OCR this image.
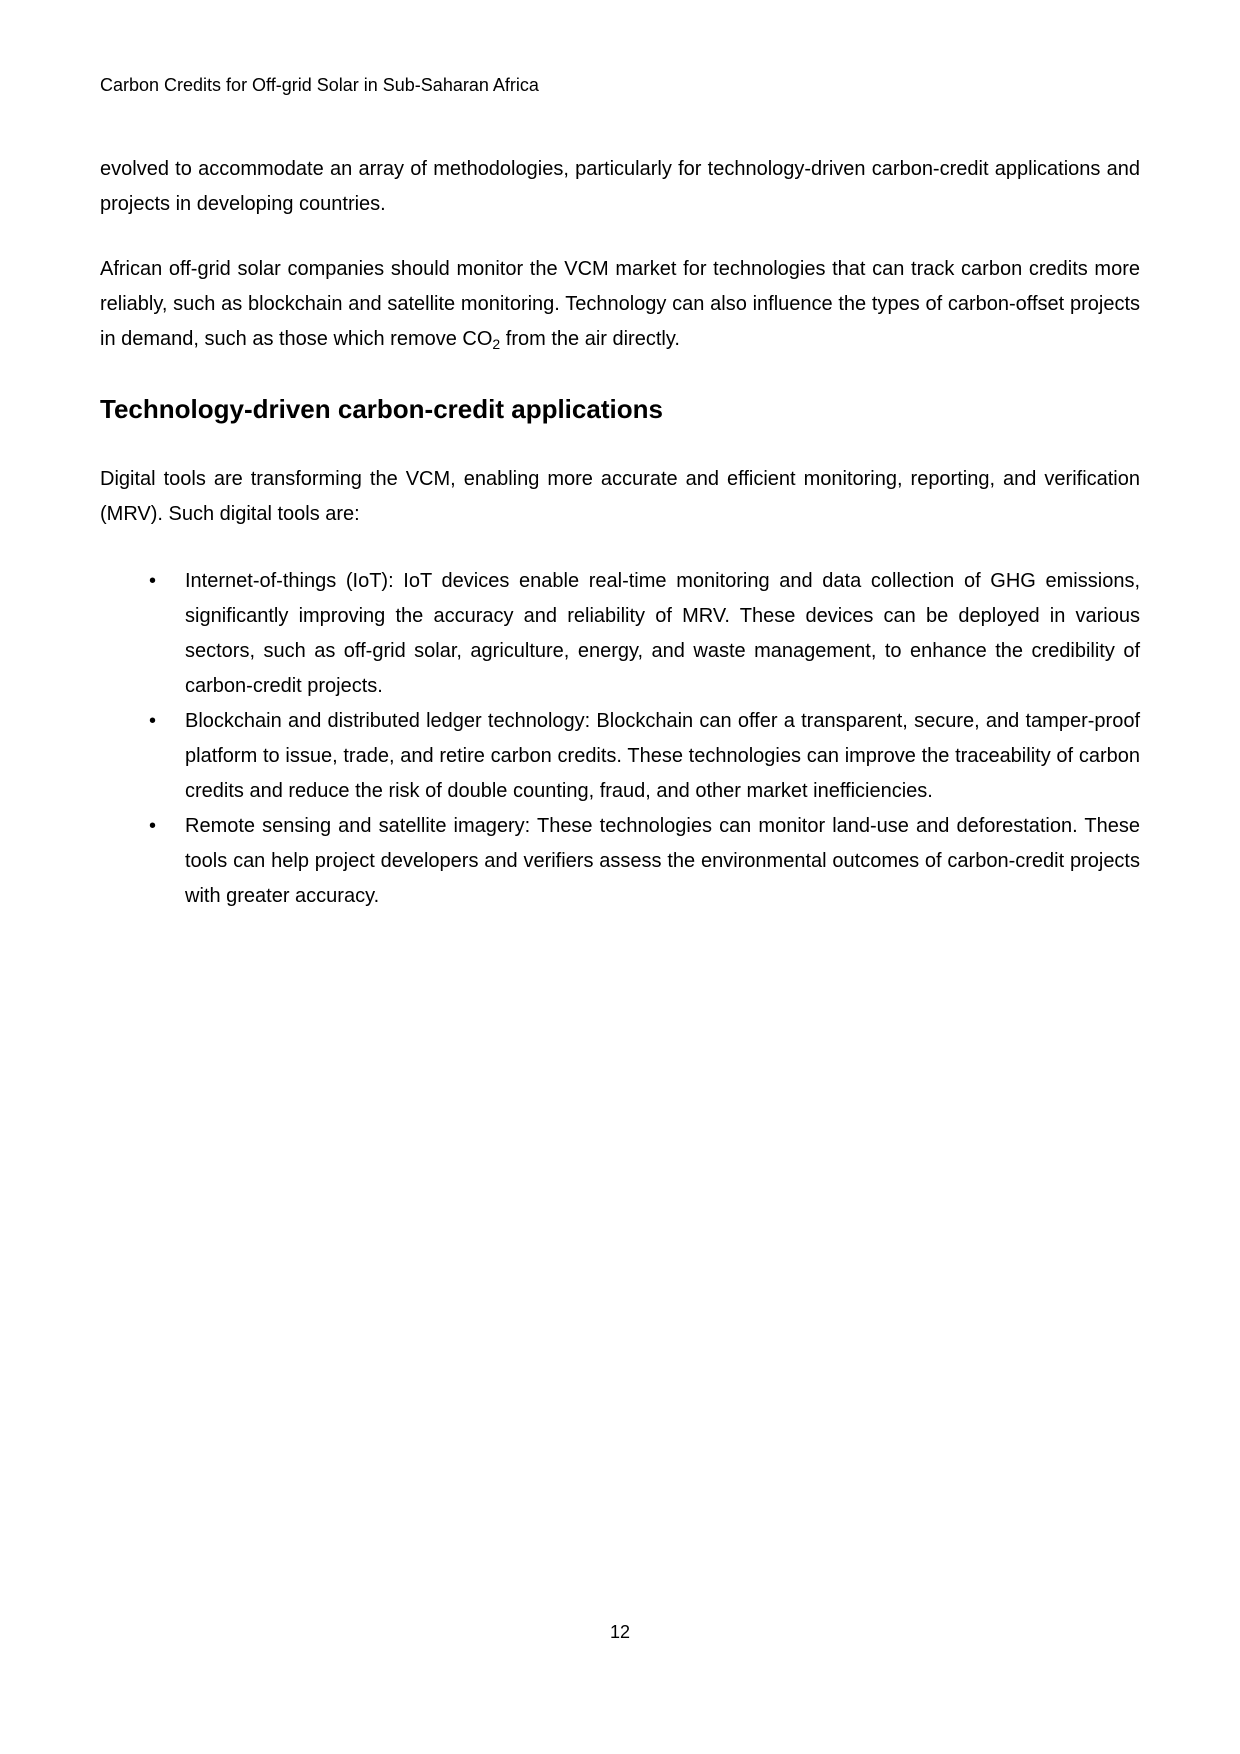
Carbon Credits for Off-grid Solar in Sub-Saharan Africa

evolved to accommodate an array of methodologies, particularly for technology-driven carbon-credit applications and projects in developing countries.

African off-grid solar companies should monitor the VCM market for technologies that can track carbon credits more reliably, such as blockchain and satellite monitoring. Technology can also influence the types of carbon-offset projects in demand, such as those which remove $CO_2$ from the air directly.

Technology-driven carbon-credit applications

Digital tools are transforming the VCM, enabling more accurate and efficient monitoring, reporting, and verification (MRV). Such digital tools are:

• Internet-of-things (IoT): IoT devices enable real-time monitoring and data collection of GHG emissions, significantly improving the accuracy and reliability of MRV. These devices can be deployed in various sectors, such as off-grid solar, agriculture, energy, and waste management, to enhance the credibility of carbon-credit projects.
• Blockchain and distributed ledger technology: Blockchain can offer a transparent, secure, and tamper-proof platform to issue, trade, and retire carbon credits. These technologies can improve the traceability of carbon credits and reduce the risk of double counting, fraud, and other market inefficiencies.
• Remote sensing and satellite imagery: These technologies can monitor land-use and deforestation. These tools can help project developers and verifiers assess the environmental outcomes of carbon-credit projects with greater accuracy.
12
